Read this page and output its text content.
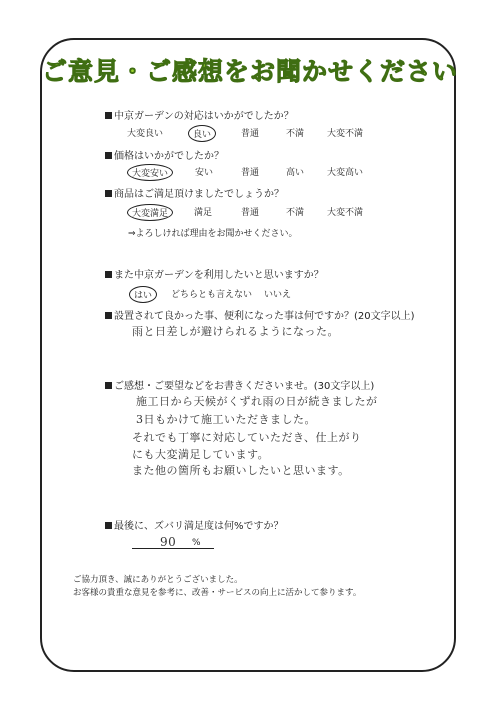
ご意見・ご感想をお聞かせください
中京ガーデンの対応はいかがでしたか？
大変良い	良い	普通	不満	大変不満
価格はいかがでしたか？
大変安い	安い	普通	高い	大変高い
商品はご満足頂けましたでしょうか？
大変満足	満足	普通	不満	大変不満
⇒よろしければ理由をお聞かせください。
また中京ガーデンを利用したいと思いますか？
はい	どちらとも言えない いいえ
設置されて良かった事、便利になった事は何ですか？(20文字以上)
雨と日差しが避けられるようになった。
ご感想・ご要望などをお書きくださいませ。(30文字以上)
施工日から天候がくずれ雨の日が続きましたが
3日もかけて施工いただきました。
それでも丁寧に対応していただき、仕上がり
にも大変満足しています。
また他の箇所もお願いしたいと思います。
最後に、ズバリ満足度は何%ですか？
90 %
ご協力頂き、誠にありがとうございました。
お客様の貴重な意見を参考に、改善・サービスの向上に活かして参ります。
